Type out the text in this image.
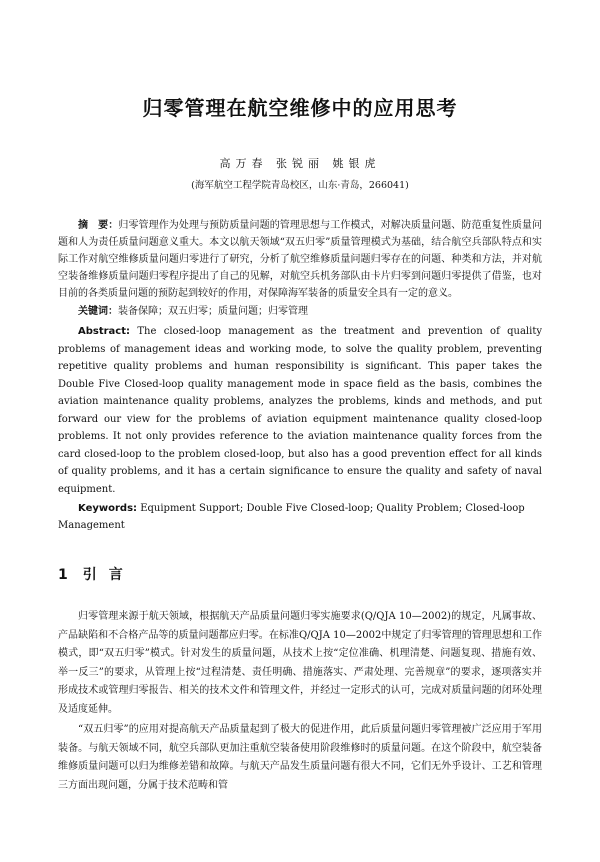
归零管理在航空维修中的应用思考
高万春 张锐丽 姚银虎
(海军航空工程学院青岛校区，山东·青岛，266041)

摘　要：归零管理作为处理与预防质量问题的管理思想与工作模式，对解决质量问题、防范重复性质量问题和人为责任质量问题意义重大。本文以航天领域“双五归零”质量管理模式为基础，结合航空兵部队特点和实际工作对航空维修质量问题归零进行了研究，分析了航空维修质量问题归零存在的问题、种类和方法，并对航空装备维修质量问题归零程序提出了自己的见解，对航空兵机务部队由卡片归零到问题归零提供了借鉴，也对目前的各类质量问题的预防起到较好的作用，对保障海军装备的质量安全具有一定的意义。

关键词：装备保障；双五归零；质量问题；归零管理

Abstract: The closed-loop management as the treatment and prevention of quality problems of management ideas and working mode, to solve the quality problem, preventing repetitive quality problems and human responsibility is significant. This paper takes the Double Five Closed-loop quality management mode in space field as the basis, combines the aviation maintenance quality problems, analyzes the problems, kinds and methods, and put forward our view for the problems of aviation equipment maintenance quality closed-loop problems. It not only provides reference to the aviation maintenance quality forces from the card closed-loop to the problem closed-loop, but also has a good prevention effect for all kinds of quality problems, and it has a certain significance to ensure the quality and safety of naval equipment.

Keywords: Equipment Support; Double Five Closed-loop; Quality Problem; Closed-loop Management

1 引言

归零管理来源于航天领域，根据航天产品质量问题归零实施要求(Q/QJA 10—2002)的规定，凡属事故、产品缺陷和不合格产品等的质量问题都应归零。在标准Q/QJA 10—2002中规定了归零管理的管理思想和工作模式，即“双五归零”模式。针对发生的质量问题，从技术上按“定位准确、机理清楚、问题复现、措施有效、举一反三”的要求，从管理上按“过程清楚、责任明确、措施落实、严肃处理、完善规章”的要求，逐项落实并形成技术或管理归零报告、相关的技术文件和管理文件，并经过一定形式的认可，完成对质量问题的闭环处理及适度延伸。

“双五归零”的应用对提高航天产品质量起到了极大的促进作用，此后质量问题归零管理被广泛应用于军用装备。与航天领域不同，航空兵部队更加注重航空装备使用阶段维修时的质量问题。在这个阶段中，航空装备维修质量问题可以归为维修差错和故障。与航天产品发生质量问题有很大不同，它们无外乎设计、工艺和管理三方面出现问题，分属于技术范畴和管
